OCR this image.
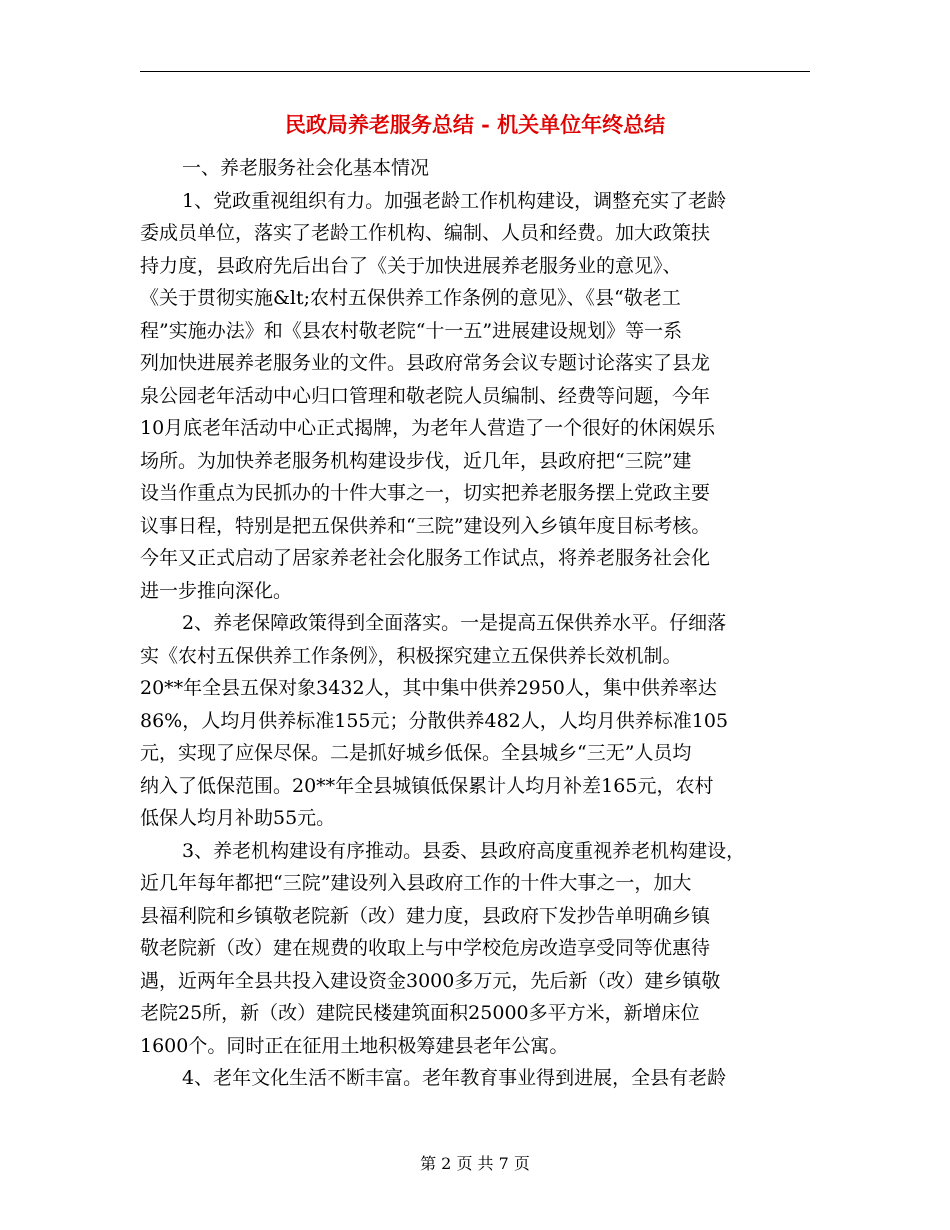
民政局养老服务总结 - 机关单位年终总结
一、养老服务社会化基本情况
1、党政重视组织有力。加强老龄工作机构建设，调整充实了老龄
委成员单位，落实了老龄工作机构、编制、人员和经费。加大政策扶
持力度，县政府先后出台了《关于加快进展养老服务业的意见》、
《关于贯彻实施&lt;农村五保供养工作条例的意见》、《县“敬老工
程”实施办法》和《县农村敬老院“十一五”进展建设规划》等一系
列加快进展养老服务业的文件。县政府常务会议专题讨论落实了县龙
泉公园老年活动中心归口管理和敬老院人员编制、经费等问题，今年
10月底老年活动中心正式揭牌，为老年人营造了一个很好的休闲娱乐
场所。为加快养老服务机构建设步伐，近几年，县政府把“三院”建
设当作重点为民抓办的十件大事之一，切实把养老服务摆上党政主要
议事日程，特别是把五保供养和“三院”建设列入乡镇年度目标考核。
今年又正式启动了居家养老社会化服务工作试点，将养老服务社会化
进一步推向深化。
2、养老保障政策得到全面落实。一是提高五保供养水平。仔细落
实《农村五保供养工作条例》，积极探究建立五保供养长效机制。
20**年全县五保对象3432人，其中集中供养2950人，集中供养率达
86%，人均月供养标准155元；分散供养482人，人均月供养标准105
元，实现了应保尽保。二是抓好城乡低保。全县城乡“三无”人员均
纳入了低保范围。20**年全县城镇低保累计人均月补差165元，农村
低保人均月补助55元。
3、养老机构建设有序推动。县委、县政府高度重视养老机构建设，
近几年每年都把“三院”建设列入县政府工作的十件大事之一，加大
县福利院和乡镇敬老院新（改）建力度，县政府下发抄告单明确乡镇
敬老院新（改）建在规费的收取上与中学校危房改造享受同等优惠待
遇，近两年全县共投入建设资金3000多万元，先后新（改）建乡镇敬
老院25所，新（改）建院民楼建筑面积25000多平方米，新增床位
1600个。同时正在征用土地积极筹建县老年公寓。
4、老年文化生活不断丰富。老年教育事业得到进展，全县有老龄
第 2 页 共 7 页
